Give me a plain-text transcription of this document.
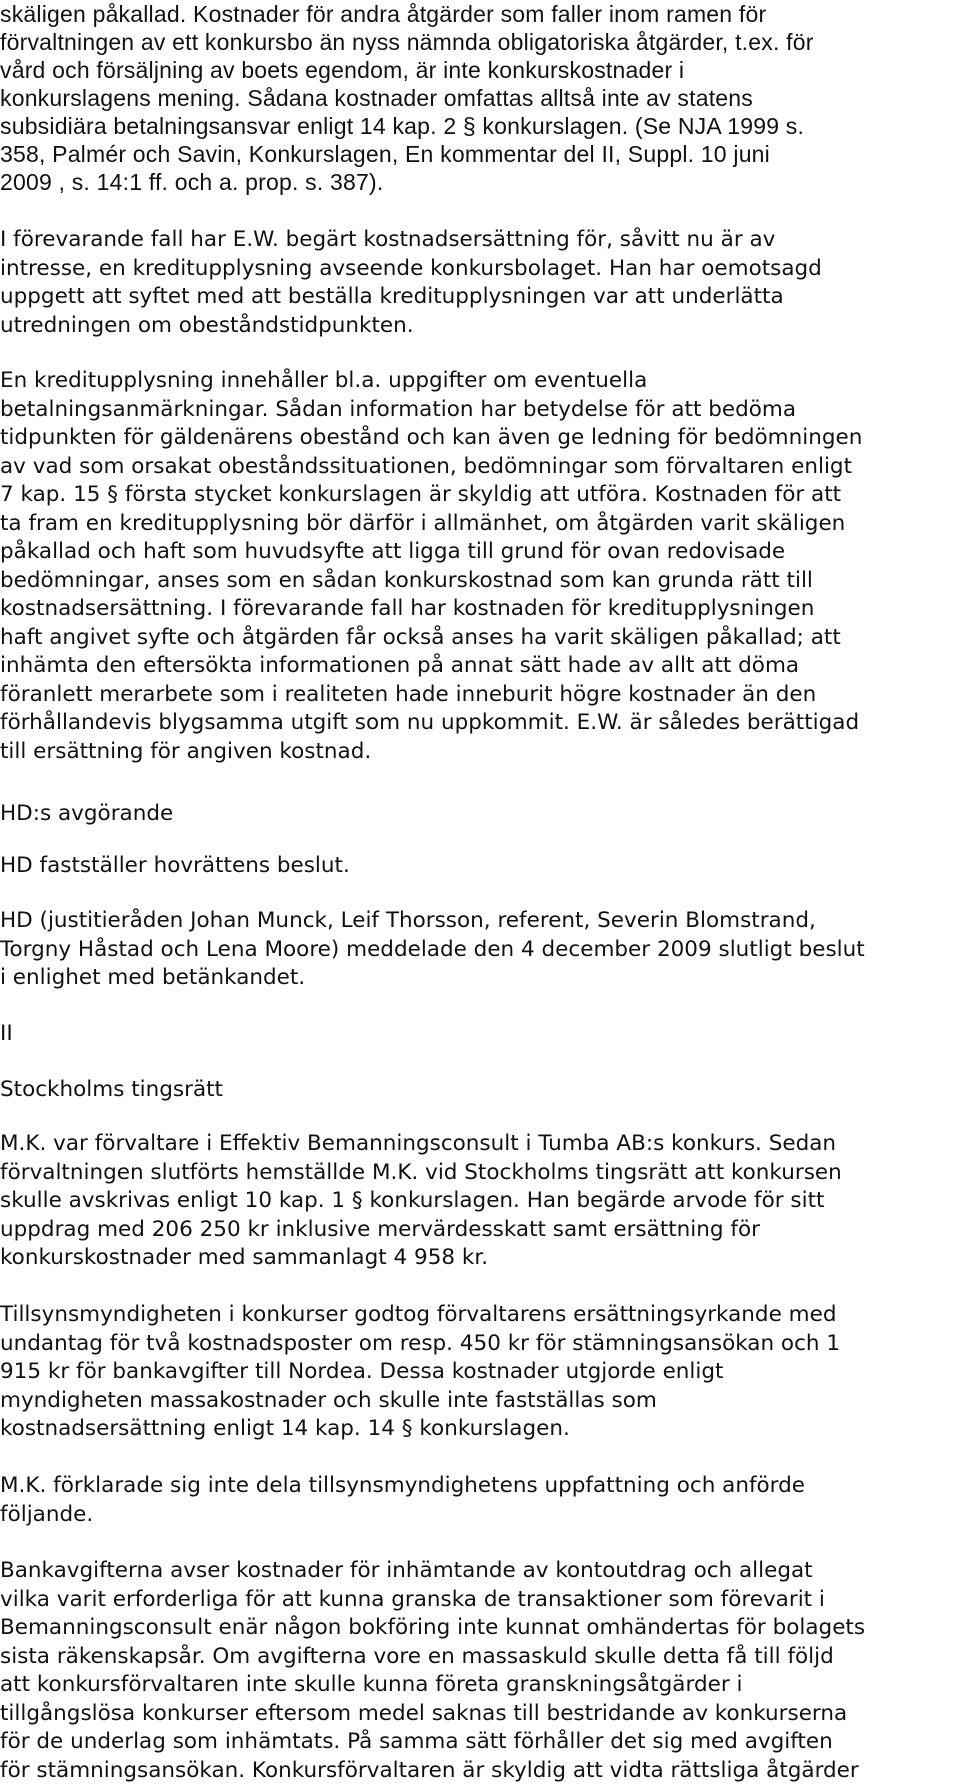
skäligen påkallad. Kostnader för andra åtgärder som faller inom ramen för
förvaltningen av ett konkursbo än nyss nämnda obligatoriska åtgärder, t.ex. för
vård och försäljning av boets egendom, är inte konkurskostnader i
konkurslagens mening. Sådana kostnader omfattas alltså inte av statens
subsidiära betalningsansvar enligt 14 kap. 2 § konkurslagen. (Se NJA 1999 s.
358, Palmér och Savin, Konkurslagen, En kommentar del II, Suppl. 10 juni
2009 , s. 14:1 ff. och a. prop. s. 387).
I förevarande fall har E.W. begärt kostnadsersättning för, såvitt nu är av
intresse, en kreditupplysning avseende konkursbolaget. Han har oemotsagd
uppgett att syftet med att beställa kreditupplysningen var att underlätta
utredningen om obeståndstidpunkten.
En kreditupplysning innehåller bl.a. uppgifter om eventuella
betalningsanmärkningar. Sådan information har betydelse för att bedöma
tidpunkten för gäldenärens obestånd och kan även ge ledning för bedömningen
av vad som orsakat obeståndssituationen, bedömningar som förvaltaren enligt
7 kap. 15 § första stycket konkurslagen är skyldig att utföra. Kostnaden för att
ta fram en kreditupplysning bör därför i allmänhet, om åtgärden varit skäligen
påkallad och haft som huvudsyfte att ligga till grund för ovan redovisade
bedömningar, anses som en sådan konkurskostnad som kan grunda rätt till
kostnadsersättning. I förevarande fall har kostnaden för kreditupplysningen
haft angivet syfte och åtgärden får också anses ha varit skäligen påkallad; att
inhämta den eftersökta informationen på annat sätt hade av allt att döma
föranlett merarbete som i realiteten hade inneburit högre kostnader än den
förhållandevis blygsamma utgift som nu uppkommit. E.W. är således berättigad
till ersättning för angiven kostnad.
HD:s avgörande
HD fastställer hovrättens beslut.
HD (justitieråden Johan Munck, Leif Thorsson, referent, Severin Blomstrand,
Torgny Håstad och Lena Moore) meddelade den 4 december 2009 slutligt beslut
i enlighet med betänkandet.
II
Stockholms tingsrätt
M.K. var förvaltare i Effektiv Bemanningsconsult i Tumba AB:s konkurs. Sedan
förvaltningen slutförts hemställde M.K. vid Stockholms tingsrätt att konkursen
skulle avskrivas enligt 10 kap. 1 § konkurslagen. Han begärde arvode för sitt
uppdrag med 206 250 kr inklusive mervärdesskatt samt ersättning för
konkurskostnader med sammanlagt 4 958 kr.
Tillsynsmyndigheten i konkurser godtog förvaltarens ersättningsyrkande med
undantag för två kostnadsposter om resp. 450 kr för stämningsansökan och 1
915 kr för bankavgifter till Nordea. Dessa kostnader utgjorde enligt
myndigheten massakostnader och skulle inte fastställas som
kostnadsersättning enligt 14 kap. 14 § konkurslagen.
M.K. förklarade sig inte dela tillsynsmyndighetens uppfattning och anförde
följande.
Bankavgifterna avser kostnader för inhämtande av kontoutdrag och allegat
vilka varit erforderliga för att kunna granska de transaktioner som förevarit i
Bemanningsconsult enär någon bokföring inte kunnat omhändertas för bolagets
sista räkenskapsår. Om avgifterna vore en massaskuld skulle detta få till följd
att konkursförvaltaren inte skulle kunna företa granskningsåtgärder i
tillgångslösa konkurser eftersom medel saknas till bestridande av konkurserna
för de underlag som inhämtats. På samma sätt förhåller det sig med avgiften
för stämningsansökan. Konkursförvaltaren är skyldig att vidta rättsliga åtgärder
